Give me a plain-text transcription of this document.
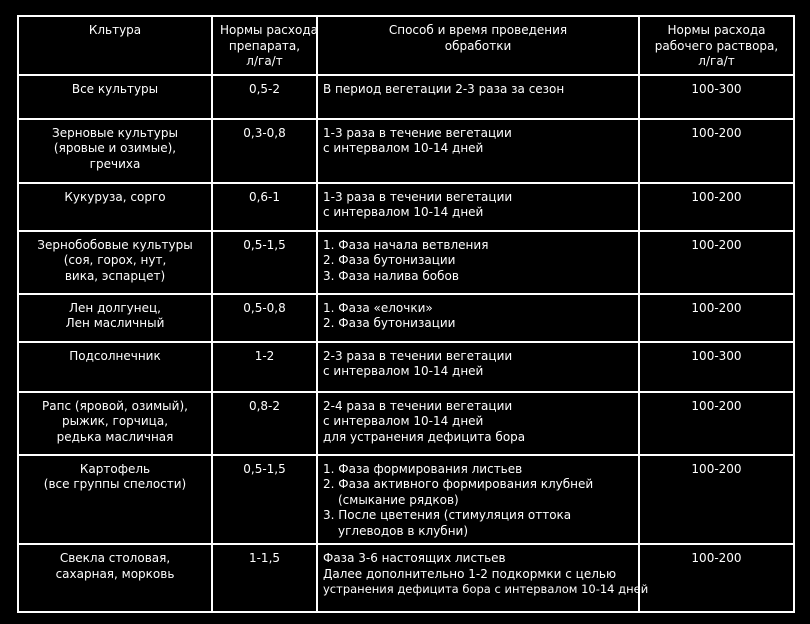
Кльтура	Нормы расхода
препарата,
л/га/т	Способ и время проведения
обработки	Нормы расхода
рабочего раствора,
л/га/т

Все культуры	0,5-2	В период вегетации 2-3 раза за сезон	100-300

Зерновые культуры
(яровые и озимые),
гречиха	0,3-0,8	1-3 раза в течение вегетации
с интервалом 10-14 дней	100-200

Кукуруза, сорго	0,6-1	1-3 раза в течении вегетации
с интервалом 10-14 дней	100-200

Зернобобовые культуры
(соя, горох, нут,
вика, эспарцет)	0,5-1,5	1. Фаза начала ветвления
2. Фаза бутонизации
3. Фаза налива бобов	100-200

Лен долгунец,
Лен масличный	0,5-0,8	1. Фаза «елочки»
2. Фаза бутонизации	100-200

Подсолнечник	1-2	2-3 раза в течении вегетации
с интервалом 10-14 дней	100-300

Рапс (яровой, озимый),
рыжик, горчица,
редька масличная	0,8-2	2-4 раза в течении вегетации
с интервалом 10-14 дней
для устранения дефицита бора	100-200

Картофель
(все группы спелости)	0,5-1,5	1. Фаза формирования листьев
2. Фаза активного формирования клубней
(смыкание рядков)
3. После цветения (стимуляция оттока
углеводов в клубни)	100-200

Свекла столовая,
сахарная, морковь	1-1,5	Фаза 3-6 настоящих листьев
Далее дополнительно 1-2 подкормки с целью
устранения дефицита бора с интервалом 10-14 дней	100-200
